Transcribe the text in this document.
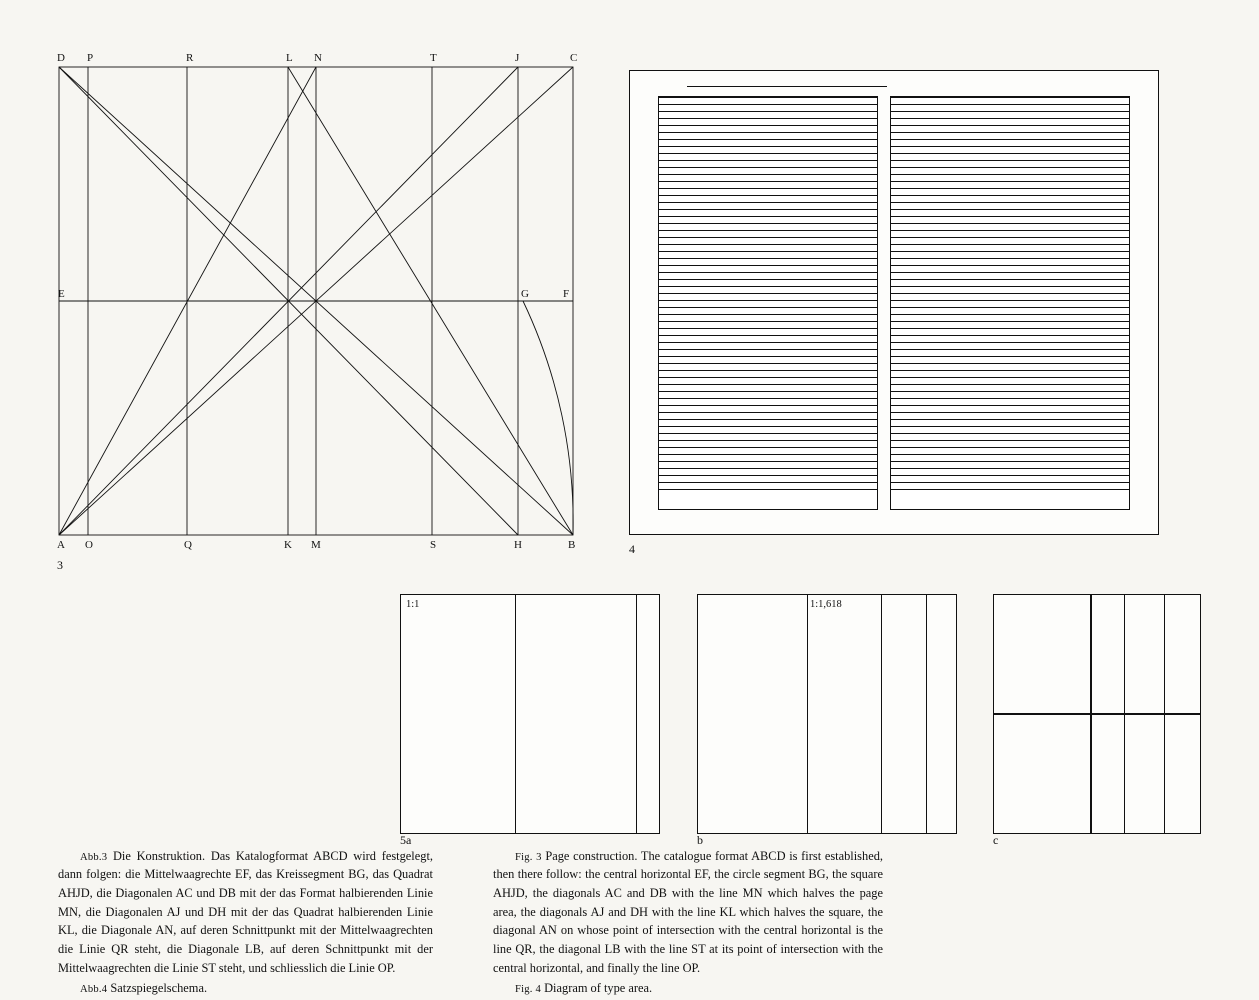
D P	R	L N	T	J	C
E	G	F
A O	Q	K M	S	H	B
3
4
1:1
5a
1:1,618
b	c

Abb.3 Die Konstruktion. Das Katalogformat ABCD wird festgelegt, dann folgen: die Mittelwaagrechte EF, das Kreissegment BG, das Quadrat AHJD, die Diagonalen AC und DB mit der das Format halbierenden Linie MN, die Diagonalen AJ und DH mit der das Quadrat halbierenden Linie KL, die Diagonale AN, auf deren Schnittpunkt mit der Mittelwaagrechten die Linie QR steht, die Diagonale LB, auf deren Schnittpunkt mit der Mittelwaagrechten die Linie ST steht, und schliesslich die Linie OP.

Abb.4 Satzspiegelschema.

Fig. 3 Page construction. The catalogue format ABCD is first established, then there follow: the central horizontal EF, the circle segment BG, the square AHJD, the diagonals AC and DB with the line MN which halves the page area, the diagonals AJ and DH with the line KL which halves the square, the diagonal AN on whose point of intersection with the central horizontal is the line QR, the diagonal LB with the line ST at its point of intersection with the central horizontal, and finally the line OP.

Fig. 4 Diagram of type area.
